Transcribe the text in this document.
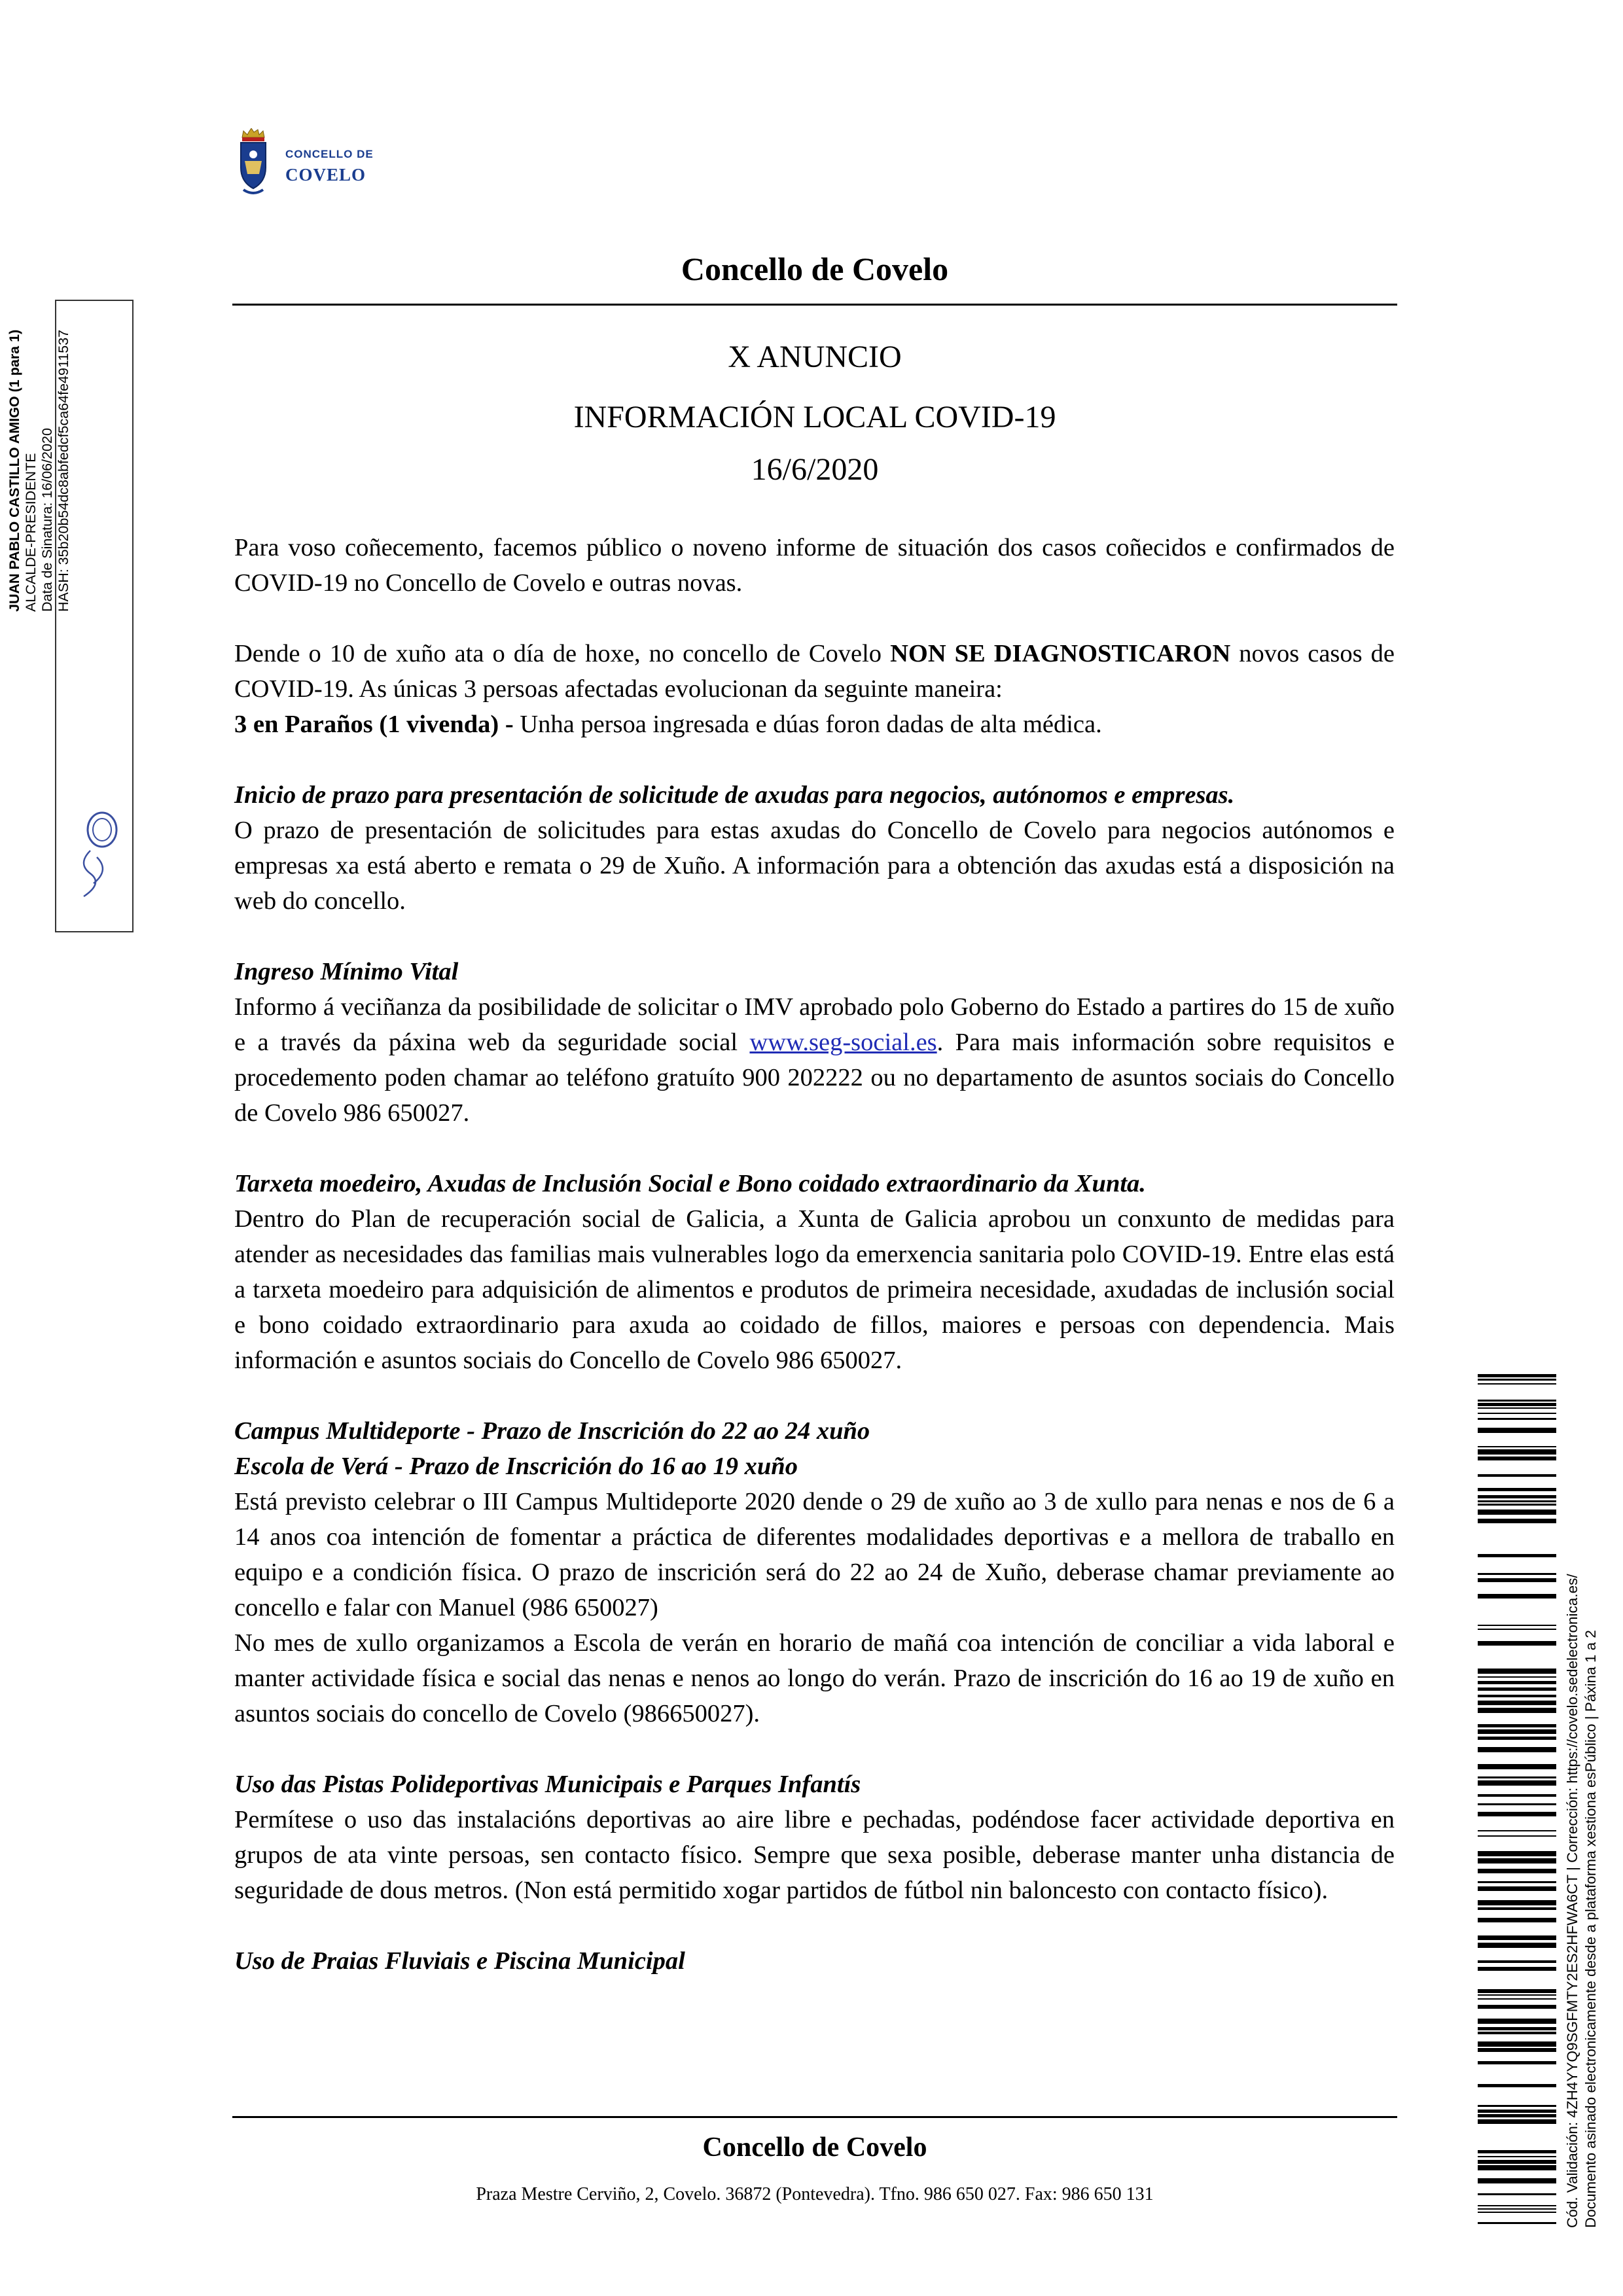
CONCELLO DE
COVELO
Concello de Covelo
X ANUNCIO
INFORMACIÓN LOCAL COVID-19
16/6/2020

Para voso coñecemento, facemos público o noveno informe de situación dos casos coñecidos e confirmados de COVID-19 no Concello de Covelo e outras novas.

Dende o 10 de xuño ata o día de hoxe, no concello de Covelo NON SE DIAGNOSTICARON novos casos de COVID-19. As únicas 3 persoas afectadas evolucionan da seguinte maneira:

3 en Paraños (1 vivenda) - Unha persoa ingresada e dúas foron dadas de alta médica.

Inicio de prazo para presentación de solicitude de axudas para negocios, autónomos e empresas.

O prazo de presentación de solicitudes para estas axudas do Concello de Covelo para negocios autónomos e empresas xa está aberto e remata o 29 de Xuño. A información para a obtención das axudas está a disposición na web do concello.

Ingreso Mínimo Vital

Informo á veciñanza da posibilidade de solicitar o IMV aprobado polo Goberno do Estado a partires do 15 de xuño e a través da páxina web da seguridade social www.seg-social.es. Para mais información sobre requisitos e procedemento poden chamar ao teléfono gratuíto 900 202222 ou no departamento de asuntos sociais do Concello de Covelo 986 650027.

Tarxeta moedeiro, Axudas de Inclusión Social e Bono coidado extraordinario da Xunta.

Dentro do Plan de recuperación social de Galicia, a Xunta de Galicia aprobou un conxunto de medidas para atender as necesidades das familias mais vulnerables logo da emerxencia sanitaria polo COVID-19. Entre elas está a tarxeta moedeiro para adquisición de alimentos e produtos de primeira necesidade, axudadas de inclusión social e bono coidado extraordinario para axuda ao coidado de fillos, maiores e persoas con dependencia. Mais información e asuntos sociais do Concello de Covelo 986 650027.

Campus Multideporte - Prazo de Inscrición do 22 ao 24 xuño

Escola de Verá - Prazo de Inscrición do 16 ao 19 xuño

Está previsto celebrar o III Campus Multideporte 2020 dende o 29 de xuño ao 3 de xullo para nenas e nos de 6 a 14 anos coa intención de fomentar a práctica de diferentes modalidades deportivas e a mellora de traballo en equipo e a condición física. O prazo de inscrición será do 22 ao 24 de Xuño, deberase chamar previamente ao concello e falar con Manuel (986 650027)

No mes de xullo organizamos a Escola de verán en horario de mañá coa intención de conciliar a vida laboral e manter actividade física e social das nenas e nenos ao longo do verán. Prazo de inscrición do 16 ao 19 de xuño en asuntos sociais do concello de Covelo (986650027).

Uso das Pistas Polideportivas Municipais e Parques Infantís

Permítese o uso das instalacións deportivas ao aire libre e pechadas, podéndose facer actividade deportiva en grupos de ata vinte persoas, sen contacto físico. Sempre que sexa posible, deberase manter unha distancia de seguridade de dous metros. (Non está permitido xogar partidos de fútbol nin baloncesto con contacto físico).

Uso de Praias Fluviais e Piscina Municipal

Concello de Covelo
Praza Mestre Cerviño, 2, Covelo. 36872 (Pontevedra). Tfno. 986 650 027. Fax: 986 650 131
JUAN PABLO CASTILLO AMIGO (1 para 1) ALCALDE-PRESIDENTE Data de Sinatura: 16/06/2020 HASH: 35b20b54dc8abfedcf5ca64fe4911537
Cód. Validación: 4ZH4YYQ9SGFMTY2ES2HFWA6CT | Corrección: https://covelo.sedelectronica.es/ Documento asinado electronicamente desde a plataforma xestiona esPúblico | Páxina 1 a 2
